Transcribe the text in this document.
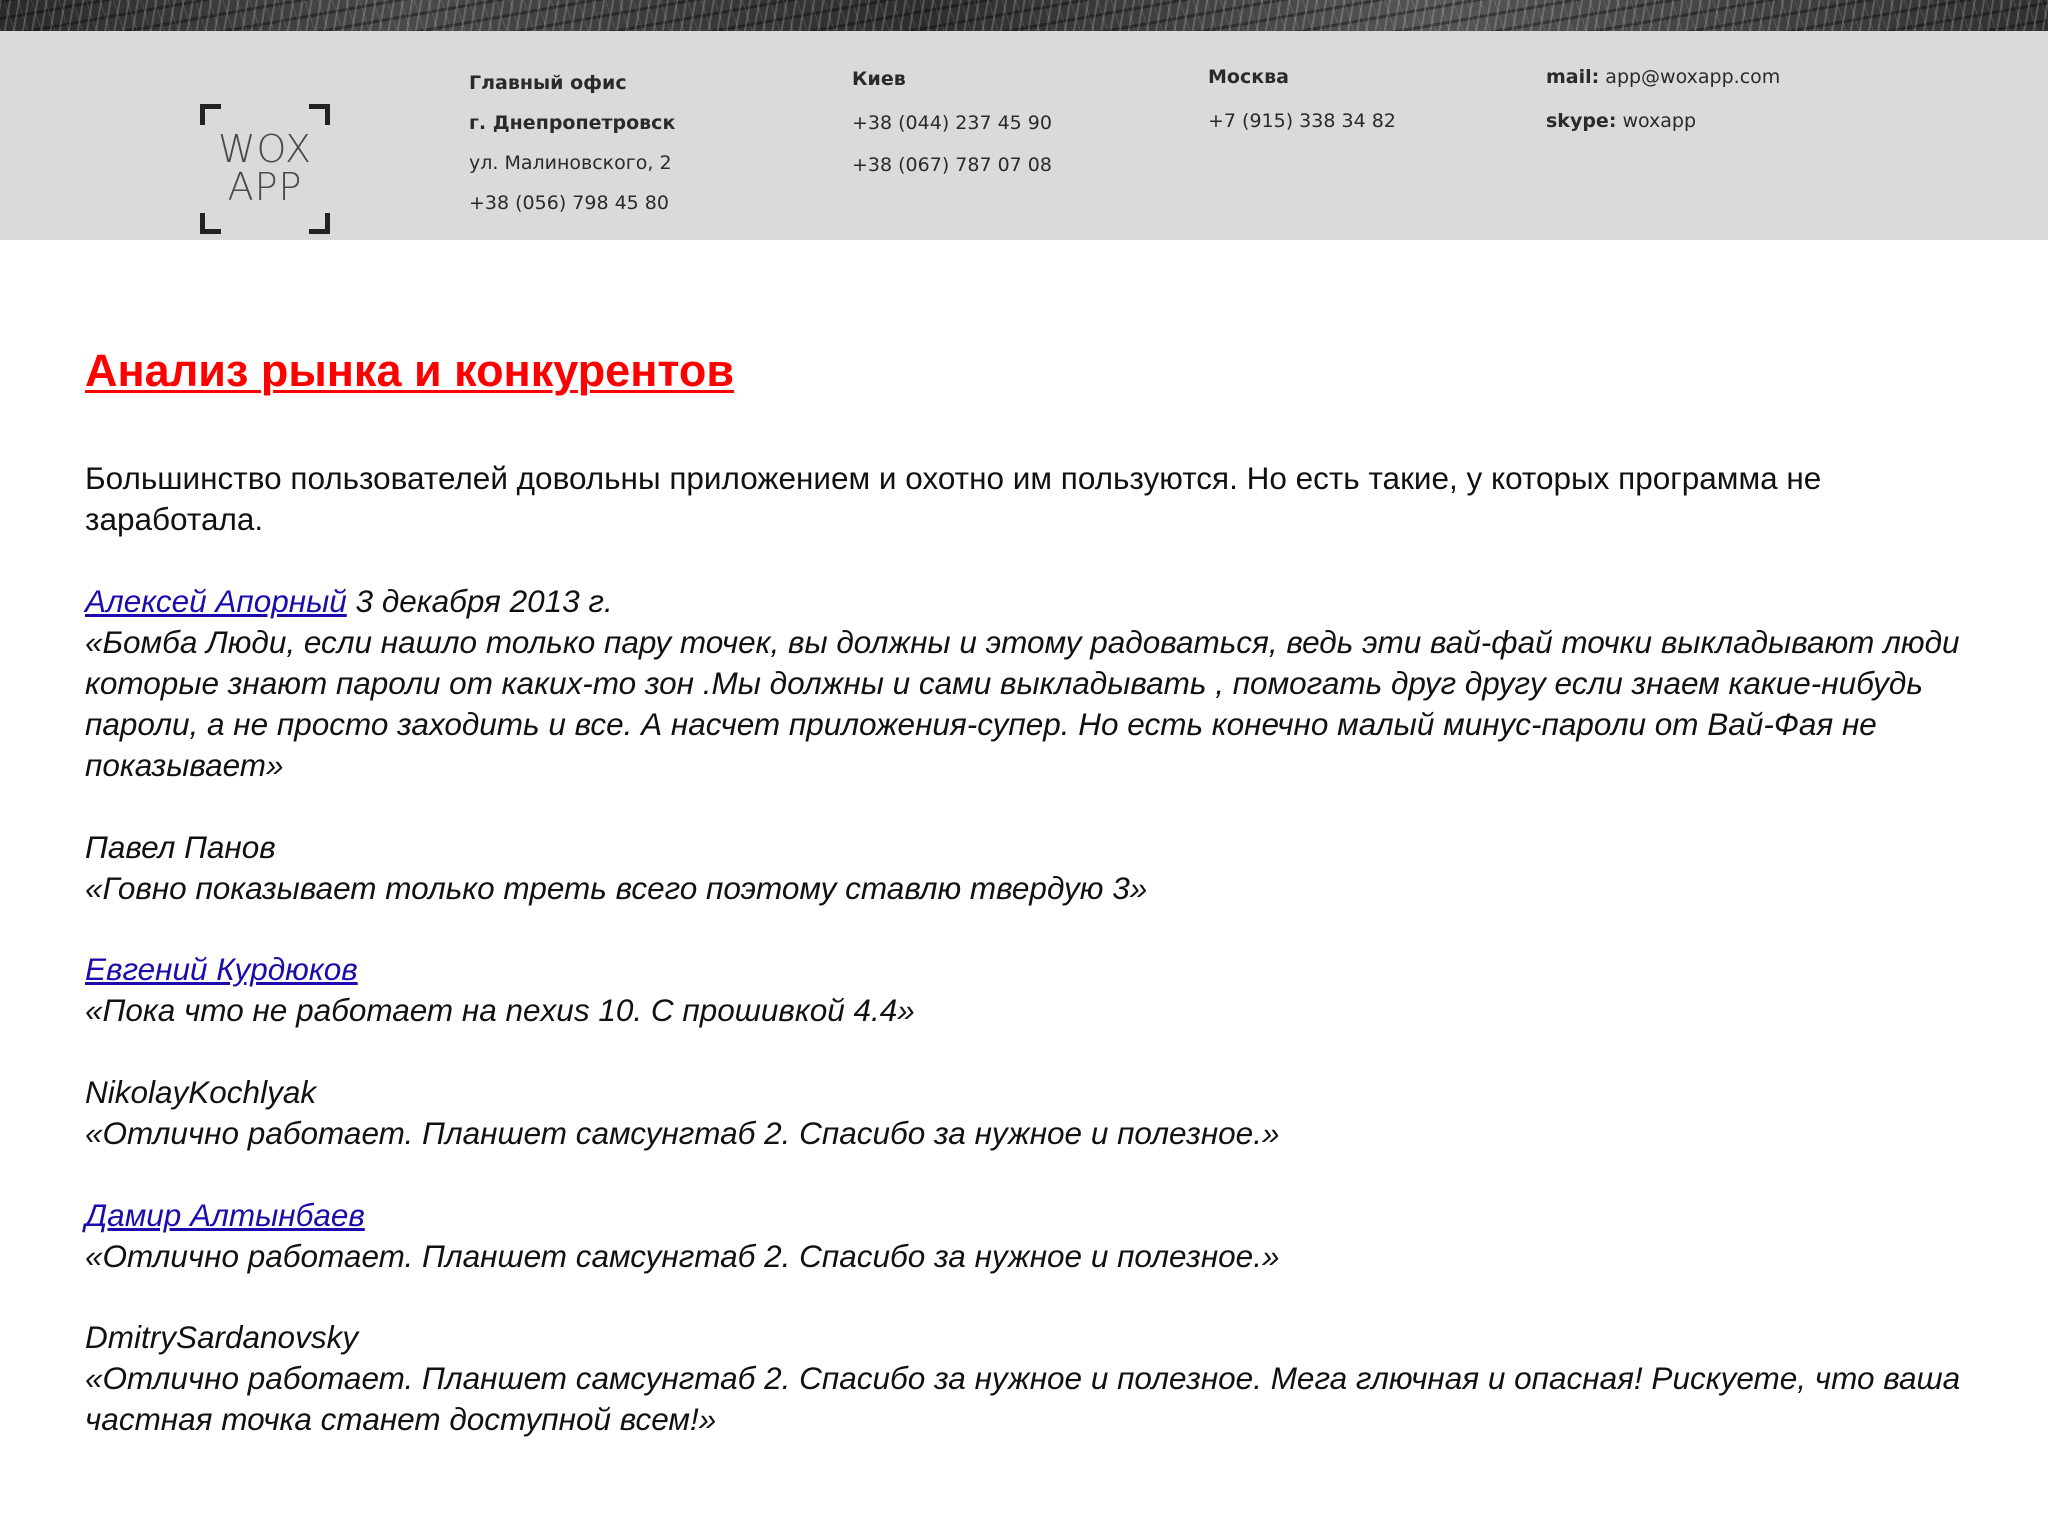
WOX
APP
Главный офис
г. Днепропетровск
ул. Малиновского, 2
+38 (056) 798 45 80
Киев
+38 (044) 237 45 90
+38 (067) 787 07 08
Москва
+7 (915) 338 34 82
mail: app@woxapp.com
skype: woxapp
Анализ рынка и конкурентов
Большинство пользователей довольны приложением и охотно им пользуются. Но есть такие, у которых программа не заработала.
Алексей Апорный 3 декабря 2013 г.
«Бомба Люди, если нашло только пару точек, вы должны и этому радоваться, ведь эти вай-фай точки выкладывают люди которые знают пароли от каких-то зон .Мы должны и сами выкладывать , помогать друг другу если знаем какие-нибудь пароли, а не просто заходить и все. А насчет приложения-супер. Но есть конечно малый минус-пароли от Вай-Фая не показывает»
Павел Панов
«Говно показывает только треть всего поэтому ставлю твердую 3»
Евгений Курдюков
«Пока что не работает на nexus 10. С прошивкой 4.4»
NikolayKochlyak
«Отлично работает. Планшет самсунгтаб 2. Спасибо за нужное и полезное.»
Дамир Алтынбаев
«Отлично работает. Планшет самсунгтаб 2. Спасибо за нужное и полезное.»
DmitrySardanovsky
«Отлично работает. Планшет самсунгтаб 2. Спасибо за нужное и полезное. Мега глючная и опасная! Рискуете, что ваша частная точка станет доступной всем!»
